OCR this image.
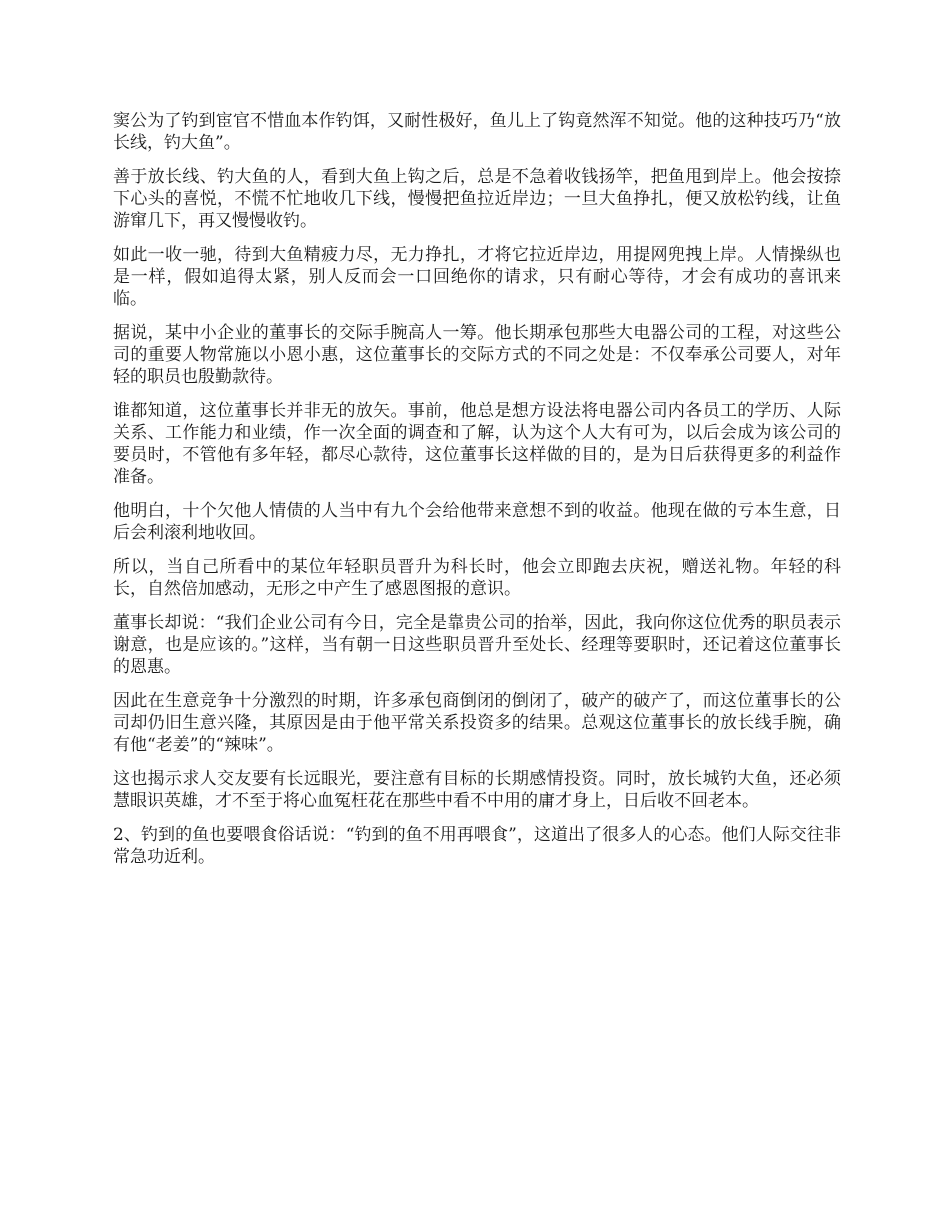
窦公为了钓到宦官不惜血本作钓饵，又耐性极好，鱼儿上了钩竟然浑不知觉。他的这种技巧乃“放长线，钓大鱼”。

善于放长线、钓大鱼的人，看到大鱼上钩之后，总是不急着收钱扬竿，把鱼甩到岸上。他会按捺下心头的喜悦，不慌不忙地收几下线，慢慢把鱼拉近岸边；一旦大鱼挣扎，便又放松钓线，让鱼游窜几下，再又慢慢收钓。

如此一收一驰，待到大鱼精疲力尽，无力挣扎，才将它拉近岸边，用提网兜拽上岸。人情操纵也是一样，假如追得太紧，别人反而会一口回绝你的请求，只有耐心等待，才会有成功的喜讯来临。

据说，某中小企业的董事长的交际手腕高人一筹。他长期承包那些大电器公司的工程，对这些公司的重要人物常施以小恩小惠，这位董事长的交际方式的不同之处是：不仅奉承公司要人，对年轻的职员也殷勤款待。

谁都知道，这位董事长并非无的放矢。事前，他总是想方设法将电器公司内各员工的学历、人际关系、工作能力和业绩，作一次全面的调查和了解，认为这个人大有可为，以后会成为该公司的要员时，不管他有多年轻，都尽心款待，这位董事长这样做的目的，是为日后获得更多的利益作准备。

他明白，十个欠他人情债的人当中有九个会给他带来意想不到的收益。他现在做的亏本生意，日后会利滚利地收回。

所以，当自己所看中的某位年轻职员晋升为科长时，他会立即跑去庆祝，赠送礼物。年轻的科长，自然倍加感动，无形之中产生了感恩图报的意识。

董事长却说：“我们企业公司有今日，完全是靠贵公司的抬举，因此，我向你这位优秀的职员表示谢意，也是应该的。”这样，当有朝一日这些职员晋升至处长、经理等要职时，还记着这位董事长的恩惠。

因此在生意竞争十分激烈的时期，许多承包商倒闭的倒闭了，破产的破产了，而这位董事长的公司却仍旧生意兴隆，其原因是由于他平常关系投资多的结果。总观这位董事长的放长线手腕，确有他“老姜”的“辣味”。

这也揭示求人交友要有长远眼光，要注意有目标的长期感情投资。同时，放长城钓大鱼，还必须慧眼识英雄，才不至于将心血冤枉花在那些中看不中用的庸才身上，日后收不回老本。

2、钓到的鱼也要喂食俗话说：“钓到的鱼不用再喂食”，这道出了很多人的心态。他们人际交往非常急功近利。
